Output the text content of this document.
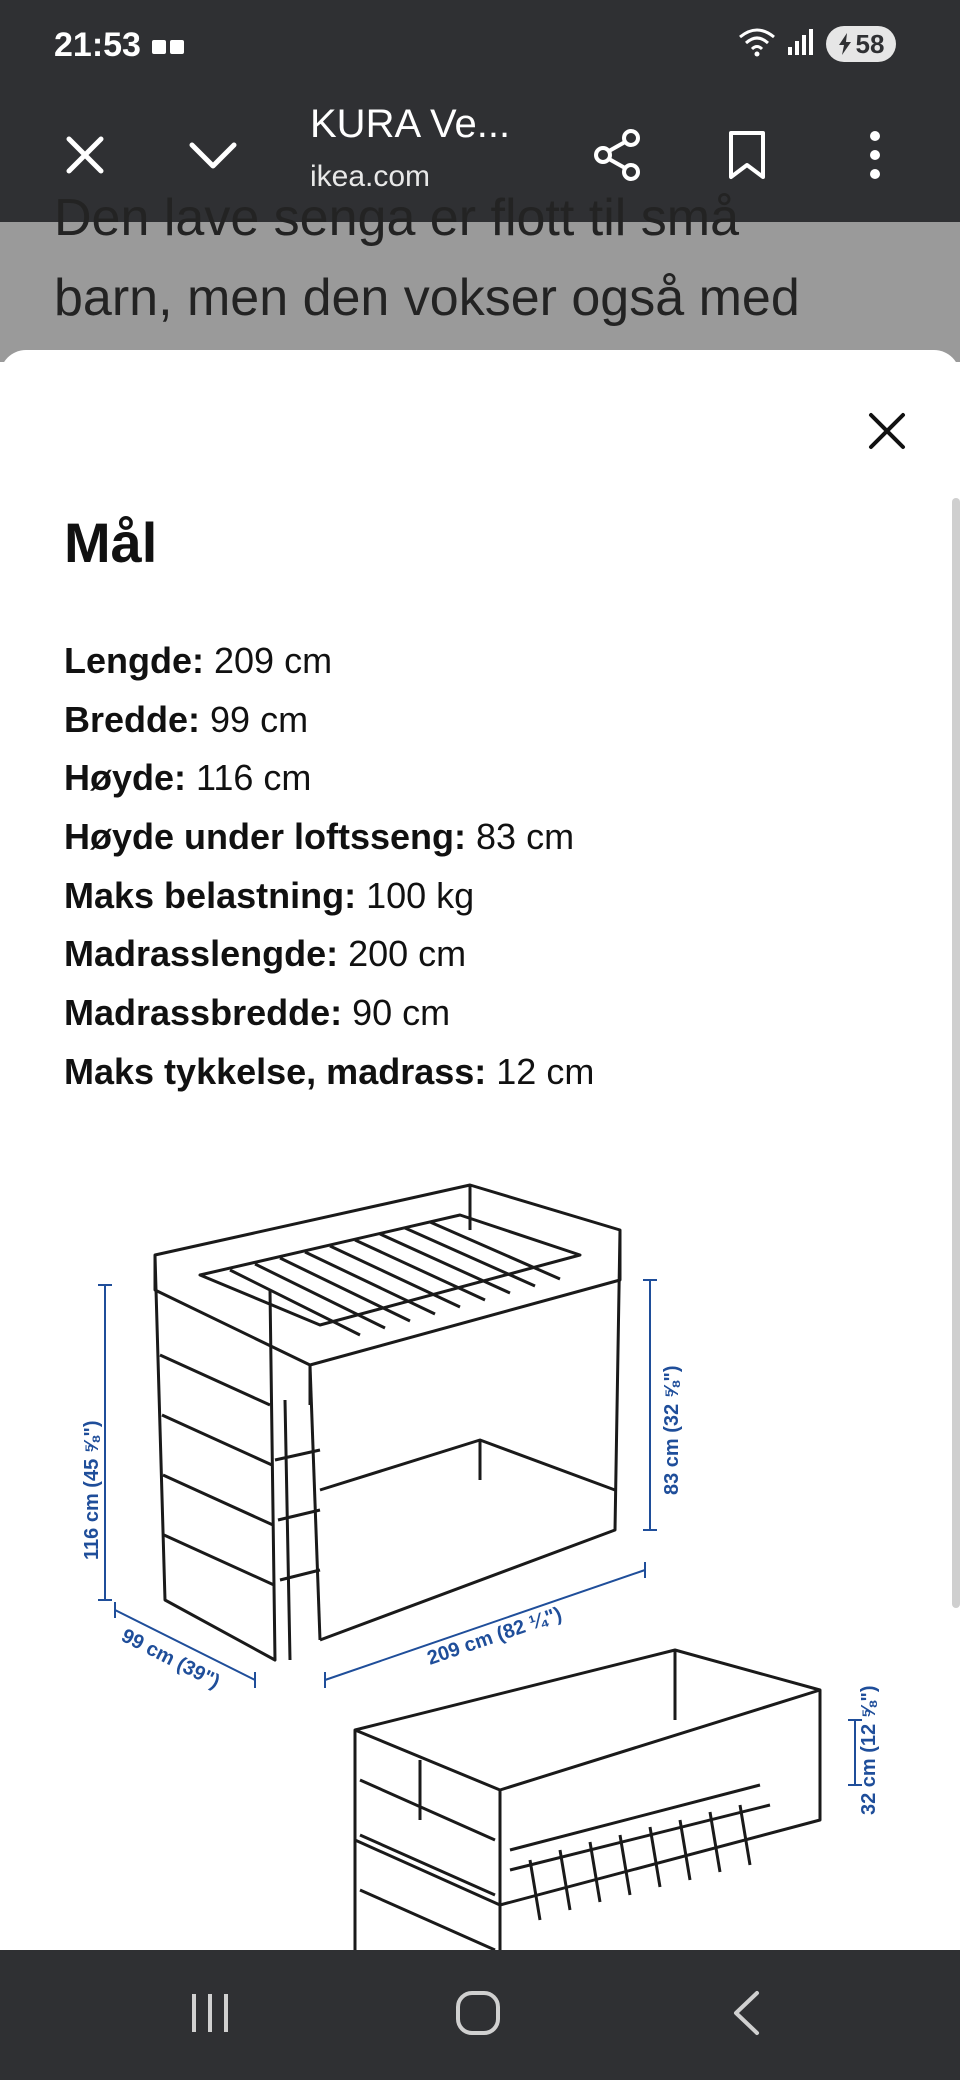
21:53	58
KURA Ve...
ikea.com
Den lave senga er flott til små
barn, men den vokser også med
Mål
Lengde: 209 cm
Bredde: 99 cm
Høyde: 116 cm
Høyde under loftsseng: 83 cm
Maks belastning: 100 kg
Madrasslengde: 200 cm
Madrassbredde: 90 cm
Maks tykkelse, madrass: 12 cm
116 cm (45 ⅝")
99 cm (39")	209 cm (82 ¼")
83 cm (32 ⅝")
32 cm (12 ⅝")
